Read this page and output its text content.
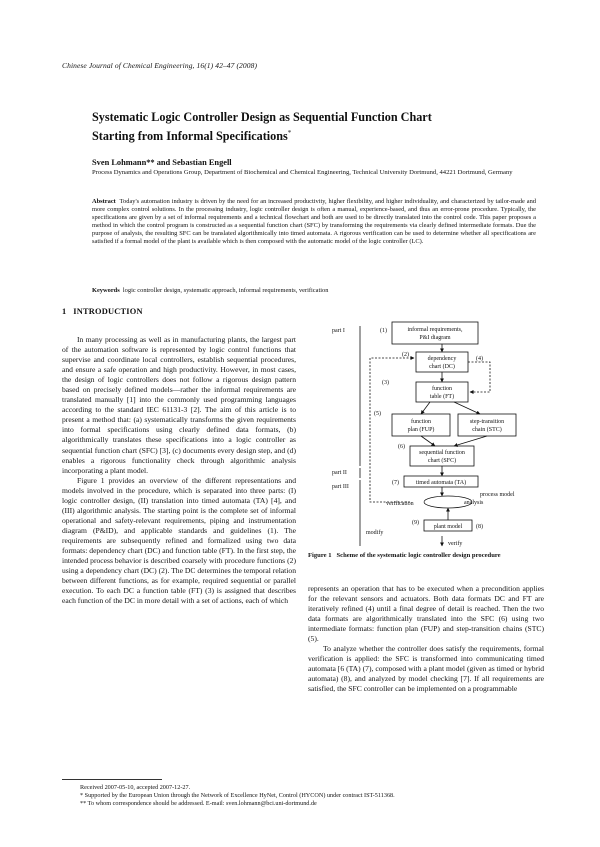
Chinese Journal of Chemical Engineering, 16(1) 42–47 (2008)
Systematic Logic Controller Design as Sequential Function Chart
Starting from Informal Specifications*
Sven Lohmann** and Sebastian Engell
Process Dynamics and Operations Group, Department of Biochemical and Chemical Engineering, Technical University Dortmund, 44221 Dortmund, Germany
Abstract Today's automation industry is driven by the need for an increased productivity, higher flexibility, and higher individuality, and characterized by tailor-made and more complex control solutions. In the processing industry, logic controller design is often a manual, experience-based, and thus an error-prone procedure. Typically, the specifications are given by a set of informal requirements and a technical flowchart and both are used to be directly translated into the control code. This paper proposes a method in which the control program is constructed as a sequential function chart (SFC) by transforming the requirements via clearly defined intermediate formats. Due the purpose of analysis, the resulting SFC can be translated algorithmically into timed automata. A rigorous verification can be used to determine whether all specifications are satisfied if a formal model of the plant is available which is then composed with the automatic model of the logic controller (LC).
Keywords logic controller design, systematic approach, informal requirements, verification
1 INTRODUCTION

In many processing as well as in manufacturing plants, the largest part of the automation software is represented by logic control functions that supervise and coordinate local controllers, establish sequential procedures, and ensure a safe operation and high productivity. However, in most cases, the design of logic controllers does not follow a rigorous design pattern based on precisely defined models—rather the informal requirements are translated manually [1] into the commonly used programming languages according to the standard IEC 61131-3 [2]. The aim of this article is to present a method that: (a) systematically transforms the given requirements into formal specifications using clearly defined data formats, (b) algorithmically translates these specifications into a logic controller as sequential function chart (SFC) [3], (c) documents every design step, and (d) enables a rigorous functionality check through algorithmic analysis incorporating a plant model.

Figure 1 provides an overview of the different representations and models involved in the procedure, which is separated into three parts: (I) logic controller design, (II) translation into timed automata (TA) [4], and (III) algorithmic analysis. The starting point is the complete set of informal operational and safety-relevant requirements, piping and instrumentation diagram (P&ID), and applicable standards and guidelines (1). The requirements are subsequently refined and formalized using two data formats: dependency chart (DC) and function table (FT). In the first step, the intended process behavior is described coarsely with procedure functions (2) using a dependency chart (DC) (2). The DC determines the temporal relation between different functions, as for example, required sequential or parallel execution. To each DC a function table (FT) (3) is assigned that describes each function of the DC in more detail with a set of actions, each of which

part I
part II
part III
(1)	informal requirements,
P&I diagram
(2)
dependency
chart (DC)
(3)
function
table (FT)
(4)
(5)
function
plan (FUP)
step-transition
chain (STC)
(6)
sequential function
chart (SFC)
(7)	timed automata (TA)
verification	analysis
process model
(9)
plant model (8)
modify
verify
Figure 1 Scheme of the systematic logic controller design procedure

represents an operation that has to be executed when a precondition applies for the relevant sensors and actuators. Both data formats DC and FT are iteratively refined (4) until a final degree of detail is reached. Then the two data formats are algorithmically translated into the SFC (6) using two intermediate formats: function plan (FUP) and step-transition chains (STC) (5).

To analyze whether the controller does satisfy the requirements, formal verification is applied: the SFC is transformed into communicating timed automata [6 (TA) (7), composed with a plant model (given as timed or hybrid automata) (8), and analyzed by model checking [7]. If all requirements are satisfied, the SFC controller can be implemented on a programmable

Received 2007-05-10, accepted 2007-12-27.
* Supported by the European Union through the Network of Excellence HyNet, Control (HYCON) under contract IST-511368.
** To whom correspondence should be addressed. E-mail: sven.lohmann@bci.uni-dortmund.de
